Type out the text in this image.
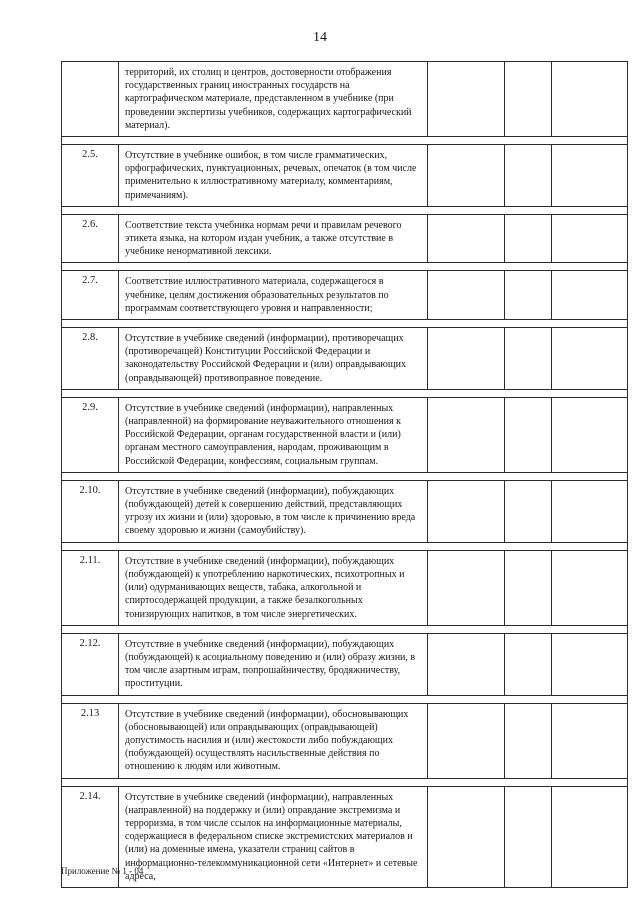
14
	территорий, их столиц и центров, достоверности отображения государственных границ иностранных государств на картографическом материале, представленном в учебнике (при проведении экспертизы учебников, содержащих картографический материал).			

2.5.	Отсутствие в учебнике ошибок, в том числе грамматических, орфографических, пунктуационных, речевых, опечаток (в том числе применительно к иллюстративному материалу, комментариям, примечаниям).			

2.6.	Соответствие текста учебника нормам речи и правилам речевого этикета языка, на котором издан учебник, а также отсутствие в учебнике ненормативной лексики.			

2.7.	Соответствие иллюстративного материала, содержащегося в учебнике, целям достижения образовательных результатов по программам соответствующего уровня и направленности;			

2.8.	Отсутствие в учебнике сведений (информации), противоречащих (противоречащей) Конституции Российской Федерации и законодательству Российской Федерации и (или) оправдывающих (оправдывающей) противоправное поведение.			

2.9.	Отсутствие в учебнике сведений (информации), направленных (направленной) на формирование неуважительного отношения к Российской Федерации, органам государственной власти и (или) органам местного самоуправления, народам, проживающим в Российской Федерации, конфессиям, социальным группам.			

2.10.	Отсутствие в учебнике сведений (информации), побуждающих (побуждающей) детей к совершению действий, представляющих угрозу их жизни и (или) здоровью, в том числе к причинению вреда своему здоровью и жизни (самоубийству).			

2.11.	Отсутствие в учебнике сведений (информации), побуждающих (побуждающей) к употреблению наркотических, психотропных и (или) одурманивающих веществ, табака, алкогольной и спиртосодержащей продукции, а также безалкогольных тонизирующих напитков, в том числе энергетических.			

2.12.	Отсутствие в учебнике сведений (информации), побуждающих (побуждающей) к асоциальному поведению и (или) образу жизни, в том числе азартным играм, попрошайничеству, бродяжничеству, проституции.			

2.13	Отсутствие в учебнике сведений (информации), обосновывающих (обосновывающей) или оправдывающих (оправдывающей) допустимость насилия и (или) жестокости либо побуждающих (побуждающей) осуществлять насильственные действия по отношению к людям или животным.			

2.14.	Отсутствие в учебнике сведений (информации), направленных (направленной) на поддержку и (или) оправдание экстремизма и терроризма, в том числе ссылок на информационные материалы, содержащиеся в федеральном списке экстремистских материалов и (или) на доменные имена, указатели страниц сайтов в информационно-телекоммуникационной сети «Интернет» и сетевые адреса,			
Приложение № 1 - 04
